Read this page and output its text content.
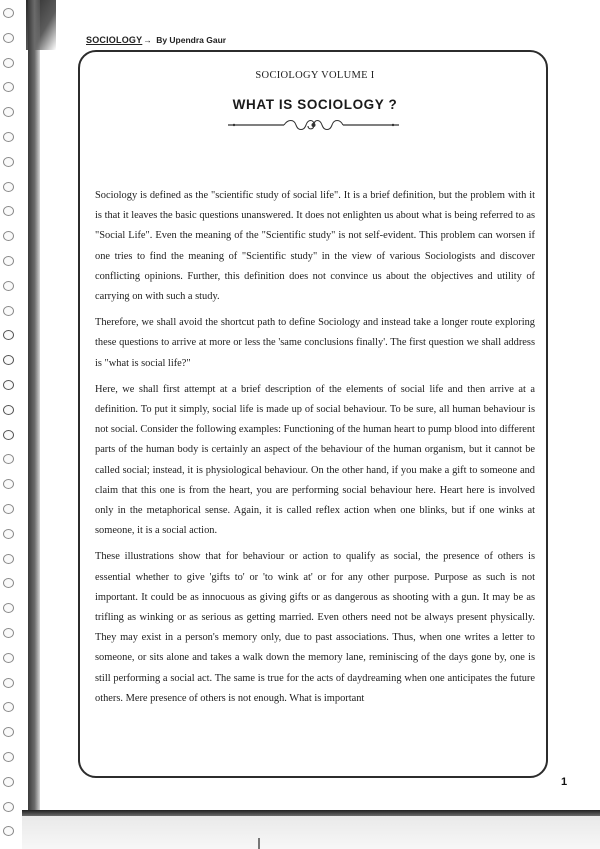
SOCIOLOGY→ By Upendra Gaur
SOCIOLOGY VOLUME I
WHAT IS SOCIOLOGY ?

Sociology is defined as the "scientific study of social life". It is a brief definition, but the problem with it is that it leaves the basic questions unanswered. It does not enlighten us about what is being referred to as "Social Life". Even the meaning of the "Scientific study" is not self-evident. This problem can worsen if one tries to find the meaning of "Scientific study" in the view of various Sociologists and discover conflicting opinions. Further, this definition does not convince us about the objectives and utility of carrying on with such a study.

Therefore, we shall avoid the shortcut path to define Sociology and instead take a longer route exploring these questions to arrive at more or less the 'same conclusions finally'. The first question we shall address is "what is social life?"

Here, we shall first attempt at a brief description of the elements of social life and then arrive at a definition. To put it simply, social life is made up of social behaviour. To be sure, all human behaviour is not social. Consider the following examples: Functioning of the human heart to pump blood into different parts of the human body is certainly an aspect of the behaviour of the human organism, but it cannot be called social; instead, it is physiological behaviour. On the other hand, if you make a gift to someone and claim that this one is from the heart, you are performing social behaviour here. Heart here is involved only in the metaphorical sense. Again, it is called reflex action when one blinks, but if one winks at someone, it is a social action.

These illustrations show that for behaviour or action to qualify as social, the presence of others is essential whether to give 'gifts to' or 'to wink at' or for any other purpose. Purpose as such is not important. It could be as innocuous as giving gifts or as dangerous as shooting with a gun. It may be as trifling as winking or as serious as getting married. Even others need not be always present physically. They may exist in a person's memory only, due to past associations. Thus, when one writes a letter to someone, or sits alone and takes a walk down the memory lane, reminiscing of the days gone by, one is still performing a social act. The same is true for the acts of daydreaming when one anticipates the future others. Mere presence of others is not enough. What is important

1
